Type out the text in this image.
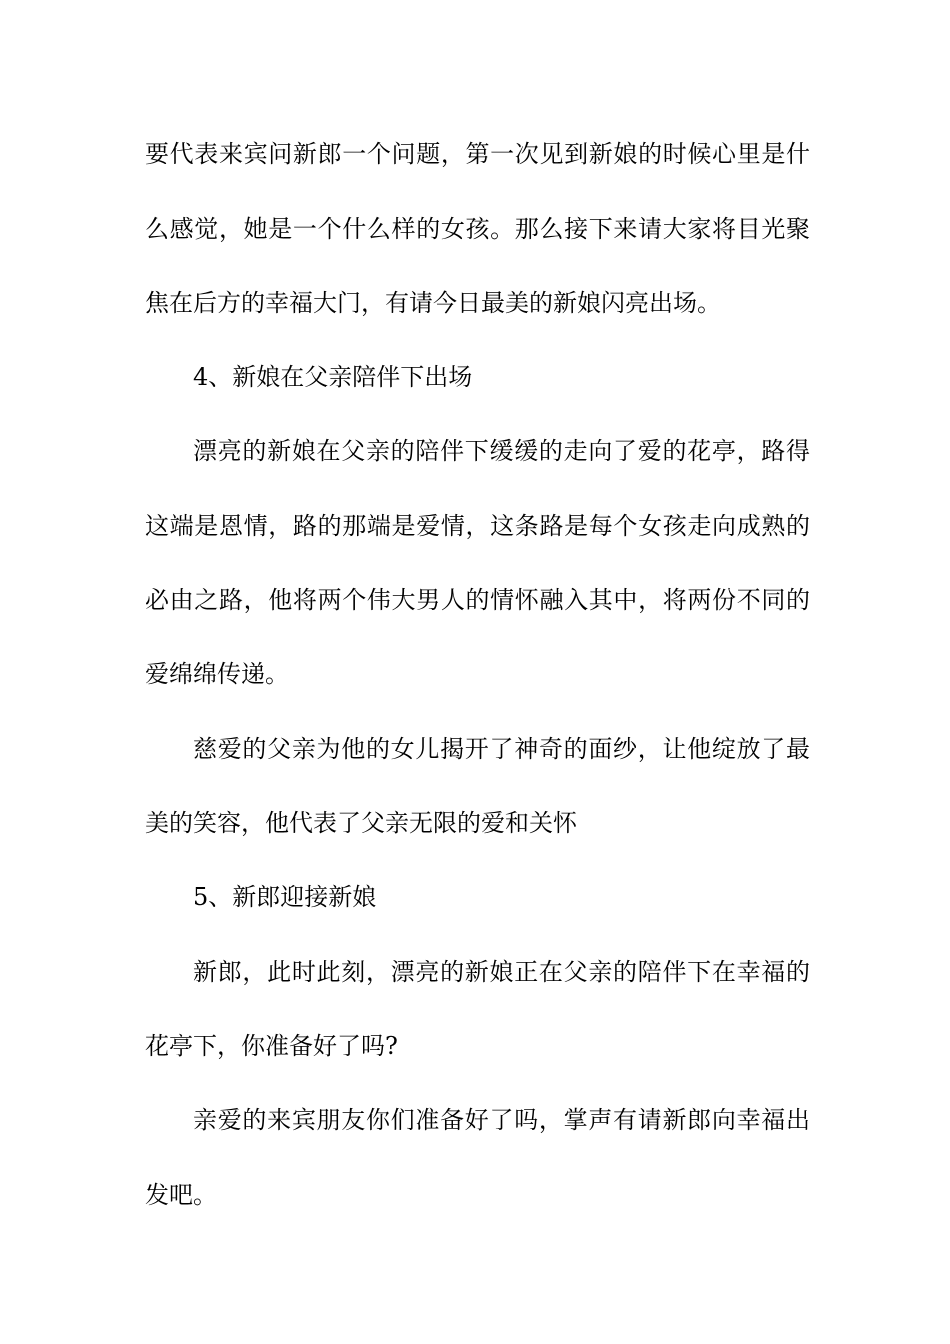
要代表来宾问新郎一个问题，第一次见到新娘的时候心里是什
么感觉，她是一个什么样的女孩。那么接下来请大家将目光聚
焦在后方的幸福大门，有请今日最美的新娘闪亮出场。
4、新娘在父亲陪伴下出场
漂亮的新娘在父亲的陪伴下缓缓的走向了爱的花亭，路得
这端是恩情，路的那端是爱情，这条路是每个女孩走向成熟的
必由之路，他将两个伟大男人的情怀融入其中，将两份不同的
爱绵绵传递。
慈爱的父亲为他的女儿揭开了神奇的面纱，让他绽放了最
美的笑容，他代表了父亲无限的爱和关怀
5、新郎迎接新娘
新郎，此时此刻，漂亮的新娘正在父亲的陪伴下在幸福的
花亭下，你准备好了吗?
亲爱的来宾朋友你们准备好了吗，掌声有请新郎向幸福出
发吧。
